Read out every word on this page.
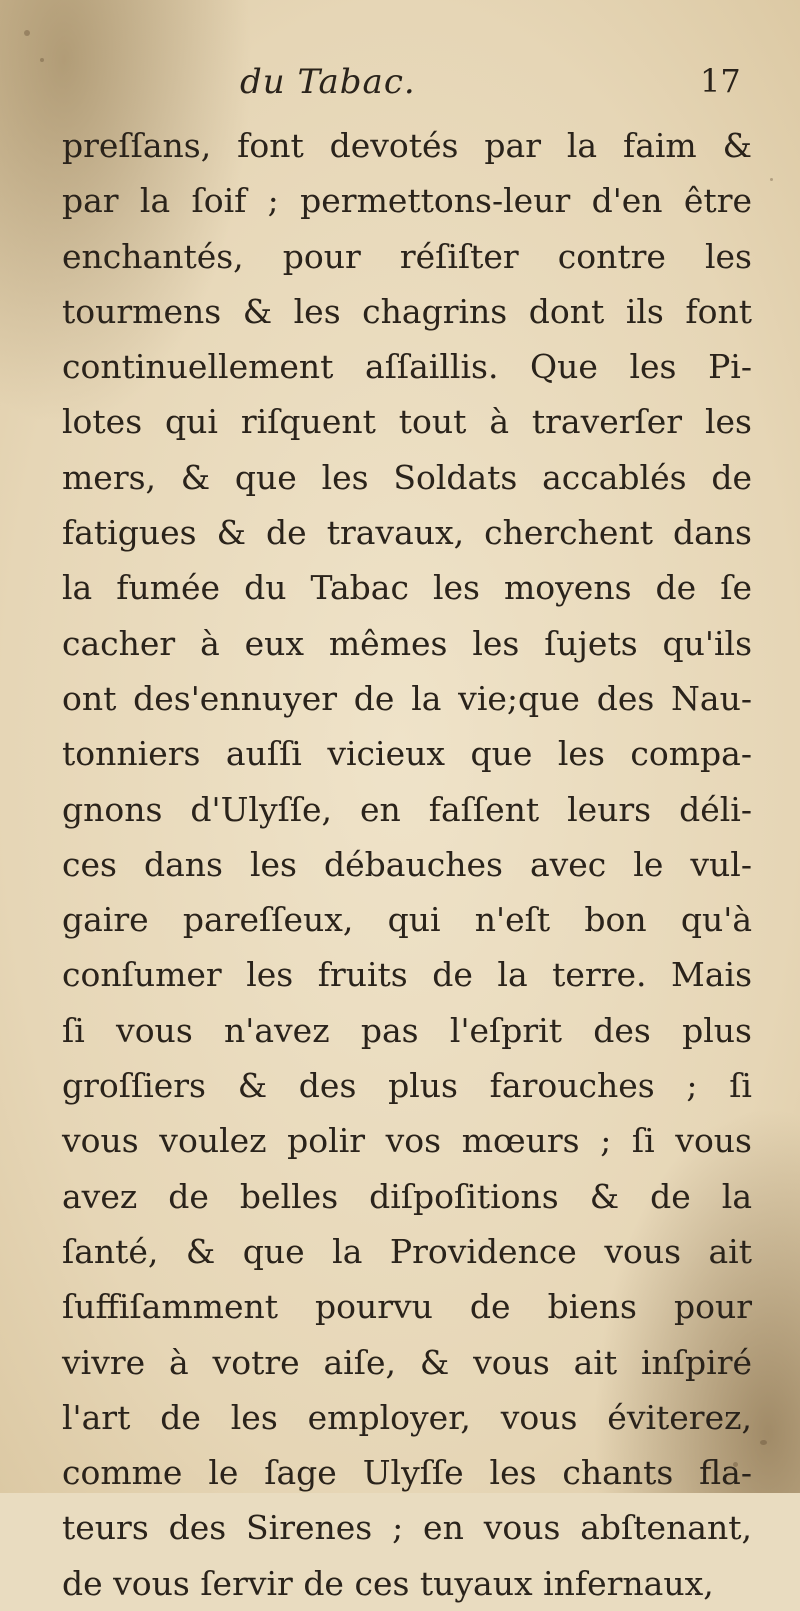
du Tabac.	17
preſſans, font devotés par la faim &
par la ſoif ; permettons-leur d'en être
enchantés, pour réſiſter contre les
tourmens & les chagrins dont ils font
continuellement aſſaillis. Que les Pi-
lotes qui riſquent tout à traverſer les
mers, & que les Soldats accablés de
fatigues & de travaux, cherchent dans
la fumée du Tabac les moyens de ſe
cacher à eux mêmes les ſujets qu'ils
ont des'ennuyer de la vie;que des Nau-
tonniers auſſi vicieux que les compa-
gnons d'Ulyſſe, en faſſent leurs déli-
ces dans les débauches avec le vul-
gaire pareſſeux, qui n'eſt bon qu'à
conſumer les fruits de la terre. Mais
ſi vous n'avez pas l'eſprit des plus
groſſiers & des plus farouches ; ſi
vous voulez polir vos mœurs ; ſi vous
avez de belles diſpoſitions & de la
ſanté, & que la Providence vous ait
ſuffiſamment pourvu de biens pour
vivre à votre aiſe, & vous ait inſpiré
l'art de les employer, vous éviterez,
comme le ſage Ulyſſe les chants fla-
teurs des Sirenes ; en vous abſtenant,
de vous ſervir de ces tuyaux infernaux,
